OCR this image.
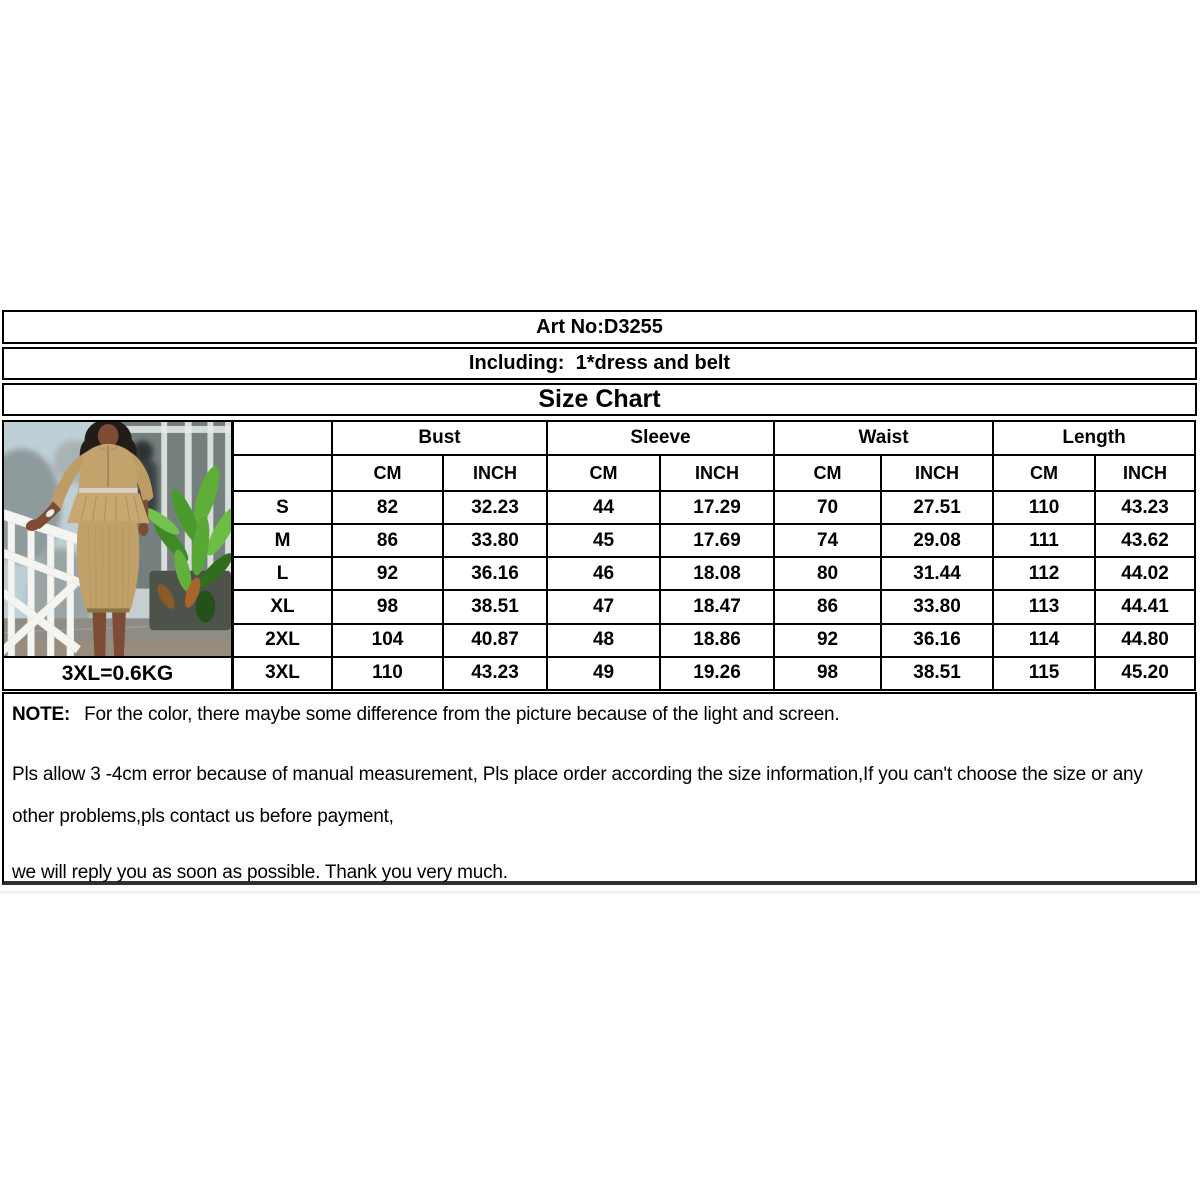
Art No:D3255
Including:  1*dress and belt
Size Chart
3XL=0.6KG
	Bust		Sleeve		Waist		Length	
	CM	INCH	CM	INCH	CM	INCH	CM	INCH
S	82	32.23	44	17.29	70	27.51	110	43.23
M	86	33.80	45	17.69	74	29.08	111	43.62
L	92	36.16	46	18.08	80	31.44	112	44.02
XL	98	38.51	47	18.47	86	33.80	113	44.41
2XL	104	40.87	48	18.86	92	36.16	114	44.80
3XL	110	43.23	49	19.26	98	38.51	115	45.20

NOTE: For the color, there maybe some difference from the picture because of the light and screen.

Pls allow 3 -4cm error because of manual measurement, Pls place order according the size information,If you can't choose the size or any other problems,pls contact us before payment,

we will reply you as soon as possible. Thank you very much.
